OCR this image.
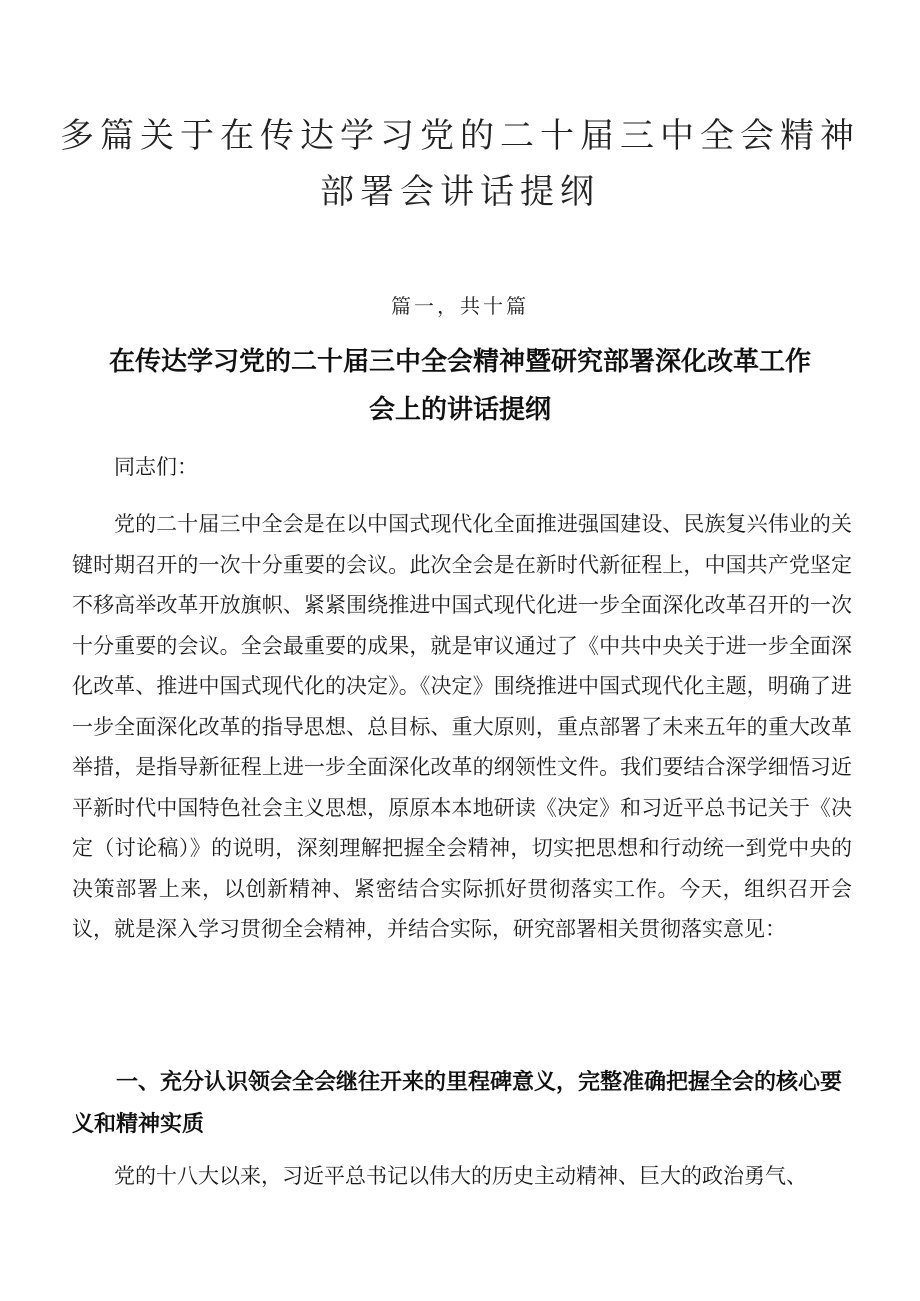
多篇关于在传达学习党的二十届三中全会精神部署会讲话提纲
篇一，共十篇
在传达学习党的二十届三中全会精神暨研究部署深化改革工作会上的讲话提纲

同志们：

党的二十届三中全会是在以中国式现代化全面推进强国建设、民族复兴伟业的关键时期召开的一次十分重要的会议。此次全会是在新时代新征程上，中国共产党坚定不移高举改革开放旗帜、紧紧围绕推进中国式现代化进一步全面深化改革召开的一次十分重要的会议。全会最重要的成果，就是审议通过了《中共中央关于进一步全面深化改革、推进中国式现代化的决定》。《决定》围绕推进中国式现代化主题，明确了进一步全面深化改革的指导思想、总目标、重大原则，重点部署了未来五年的重大改革举措，是指导新征程上进一步全面深化改革的纲领性文件。我们要结合深学细悟习近平新时代中国特色社会主义思想，原原本本地研读《决定》和习近平总书记关于《决定（讨论稿）》的说明，深刻理解把握全会精神，切实把思想和行动统一到党中央的决策部署上来，以创新精神、紧密结合实际抓好贯彻落实工作。今天，组织召开会议，就是深入学习贯彻全会精神，并结合实际，研究部署相关贯彻落实意见：

一、充分认识领会全会继往开来的里程碑意义，完整准确把握全会的核心要义和精神实质

党的十八大以来，习近平总书记以伟大的历史主动精神、巨大的政治勇气、
